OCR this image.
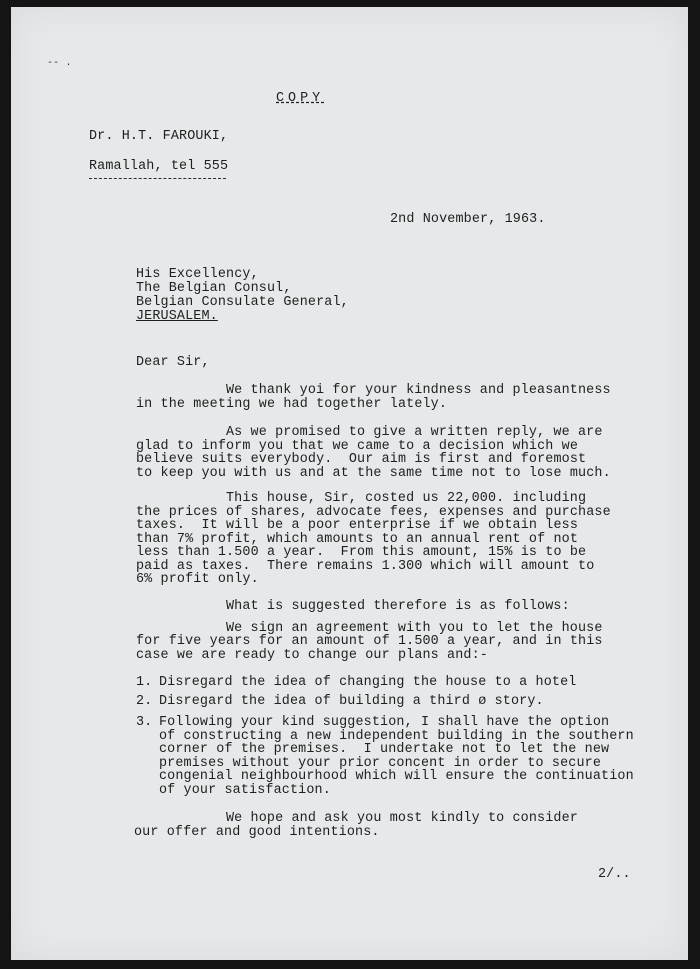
-- .

COPY

Dr. H.T. FAROUKI,

Ramallah, tel 555

2nd November, 1963.

His Excellency,

The Belgian Consul,

Belgian Consulate General,

JERUSALEM.

Dear Sir,

We thank yoi for your kindness and pleasantness

in the meeting we had together lately.

As we promised to give a written reply, we are

glad to inform you that we came to a decision which we

believe suits everybody.  Our aim is first and foremost

to keep you with us and at the same time not to lose much.

This house, Sir, costed us 22,000. including

the prices of shares, advocate fees, expenses and purchase

taxes.  It will be a poor enterprise if we obtain less

than 7% profit, which amounts to an annual rent of not

less than 1.500 a year.  From this amount, 15% is to be

paid as taxes.  There remains 1.300 which will amount to

6% profit only.

What is suggested therefore is as follows:

We sign an agreement with you to let the house

for five years for an amount of 1.500 a year, and in this

case we are ready to change our plans and:-

1. Disregard the idea of changing the house to a hotel

2. Disregard the idea of building a third ø story.

3. Following your kind suggestion, I shall have the option

of constructing a new independent building in the southern

corner of the premises.  I undertake not to let the new

premises without your prior concent in order to secure

congenial neighbourhood which will ensure the continuation

of your satisfaction.

We hope and ask you most kindly to consider

our offer and good intentions.

2/..
